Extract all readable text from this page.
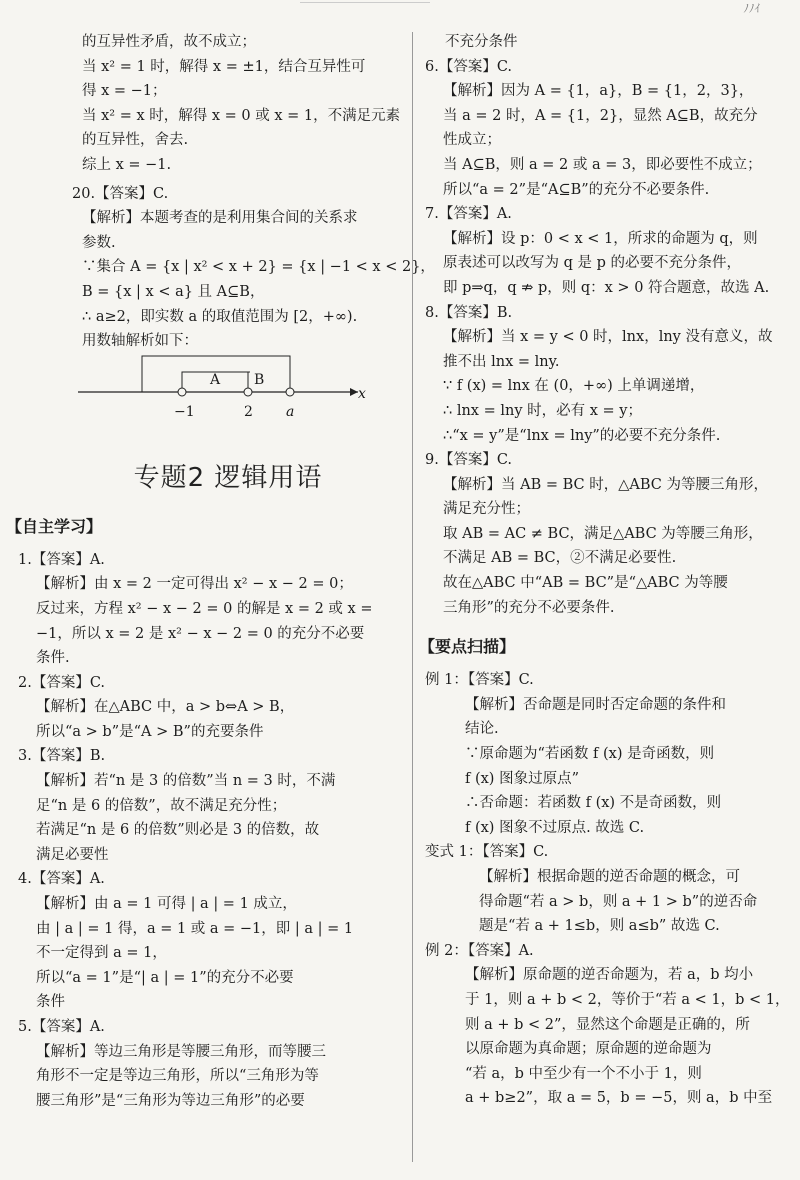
ﾉﾉｲ
的互异性矛盾，故不成立；
当 x² = 1 时，解得 x = ±1，结合互异性可
得 x = −1；
当 x² = x 时，解得 x = 0 或 x = 1，不满足元素
的互异性，舍去.
综上 x = −1.
20.【答案】C.
【解析】本题考查的是利用集合间的关系求
参数.
∵集合 A = {x | x² < x + 2} = {x | −1 < x < 2}，
B = {x | x < a} 且 A⊆B，
∴ a≥2，即实数 a 的取值范围为 [2，+∞).
用数轴解析如下：
A B
−1	2 a
x
专题2 逻辑用语
【自主学习】
1.【答案】A.
【解析】由 x = 2 一定可得出 x² − x − 2 = 0；
反过来，方程 x² − x − 2 = 0 的解是 x = 2 或 x =
−1，所以 x = 2 是 x² − x − 2 = 0 的充分不必要
条件.
2.【答案】C.
【解析】在△ABC 中，a > b⇔A > B，
所以“a > b”是“A > B”的充要条件
3.【答案】B.
【解析】若“n 是 3 的倍数”当 n = 3 时，不满
足“n 是 6 的倍数”，故不满足充分性；
若满足“n 是 6 的倍数”则必是 3 的倍数，故
满足必要性
4.【答案】A.
【解析】由 a = 1 可得 | a | = 1 成立，
由 | a | = 1 得，a = 1 或 a = −1，即 | a | = 1
不一定得到 a = 1，
所以“a = 1”是“| a | = 1”的充分不必要
条件
5.【答案】A.
【解析】等边三角形是等腰三角形，而等腰三
角形不一定是等边三角形，所以“三角形为等
腰三角形”是“三角形为等边三角形”的必要
不充分条件
6.【答案】C.
【解析】因为 A = {1，a}，B = {1，2，3}，
当 a = 2 时，A = {1，2}，显然 A⊆B，故充分
性成立；
当 A⊆B，则 a = 2 或 a = 3，即必要性不成立；
所以“a = 2”是“A⊆B”的充分不必要条件.
7.【答案】A.
【解析】设 p：0 < x < 1，所求的命题为 q，则
原表述可以改写为 q 是 p 的必要不充分条件，
即 p⇒q，q ⇏ p，则 q：x > 0 符合题意，故选 A.
8.【答案】B.
【解析】当 x = y < 0 时，lnx，lny 没有意义，故
推不出 lnx = lny.
∵ f (x) = lnx 在 (0，+∞) 上单调递增，
∴ lnx = lny 时，必有 x = y；
∴“x = y”是“lnx = lny”的必要不充分条件.
9.【答案】C.
【解析】当 AB = BC 时，△ABC 为等腰三角形，
满足充分性；
取 AB = AC ≠ BC，满足△ABC 为等腰三角形，
不满足 AB = BC，②不满足必要性.
故在△ABC 中“AB = BC”是“△ABC 为等腰
三角形”的充分不必要条件.
【要点扫描】
例 1：【答案】C.
【解析】否命题是同时否定命题的条件和
结论.
∵原命题为“若函数 f (x) 是奇函数，则
f (x) 图象过原点”
∴否命题：若函数 f (x) 不是奇函数，则
f (x) 图象不过原点. 故选 C.
变式 1：【答案】C.
【解析】根据命题的逆否命题的概念，可
得命题“若 a > b，则 a + 1 > b”的逆否命
题是“若 a + 1≤b，则 a≤b” 故选 C.
例 2：【答案】A.
【解析】原命题的逆否命题为，若 a，b 均小
于 1，则 a + b < 2，等价于“若 a < 1，b < 1，
则 a + b < 2”，显然这个命题是正确的，所
以原命题为真命题；原命题的逆命题为
“若 a，b 中至少有一个不小于 1，则
a + b≥2”，取 a = 5，b = −5，则 a，b 中至
